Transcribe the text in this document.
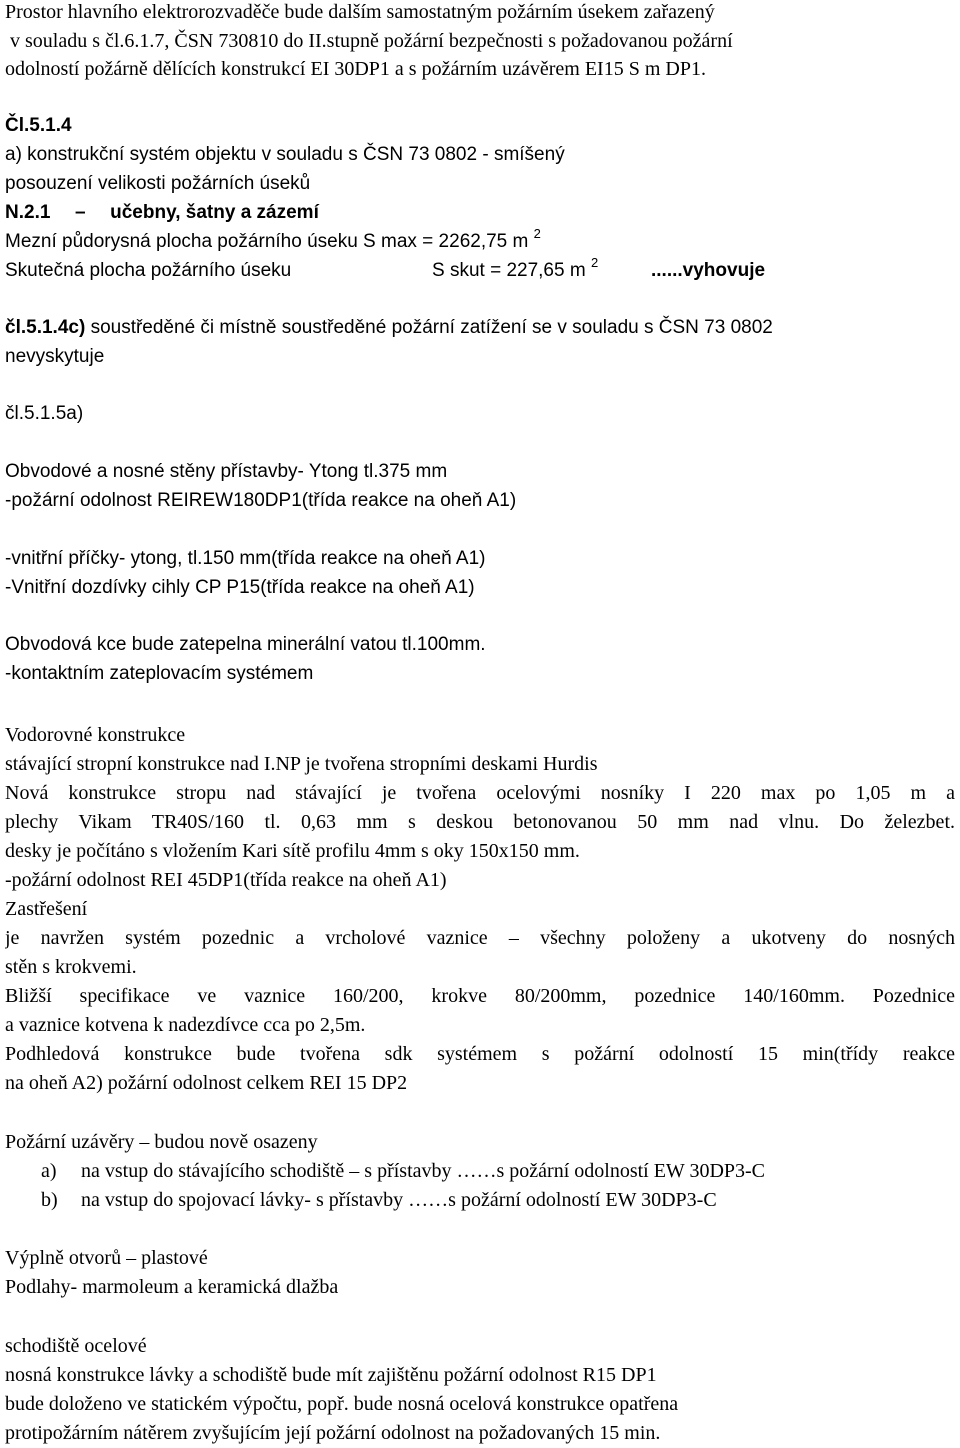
Prostor hlavního elektrorozvaděče bude dalším samostatným požárním úsekem zařazený

v souladu s čl.6.1.7, ČSN 730810 do II.stupně požární bezpečnosti s požadovanou požární

odolností požárně dělících konstrukcí EI 30DP1 a s požárním uzávěrem EI15 S m DP1.

Čl.5.1.4

a) konstrukční systém objektu v souladu s ČSN 73 0802 - smíšený

posouzení velikosti požárních úseků

N.2.1 – učebny, šatny a zázemí

Mezní půdorysná plocha požárního úseku S max = 2262,75 m $^2$

Skutečná plocha požárního úseku	S skut = 227,65 m $^2$	......vyhovuje

čl.5.1.4c) soustředěné či místně soustředěné požární zatížení se v souladu s ČSN 73 0802

nevyskytuje

čl.5.1.5a)

Obvodové a nosné stěny přístavby- Ytong tl.375 mm

-požární odolnost REIREW180DP1(třída reakce na oheň A1)

-vnitřní příčky- ytong, tl.150 mm(třída reakce na oheň A1)

-Vnitřní dozdívky cihly CP P15(třída reakce na oheň A1)

Obvodová kce bude zatepelna minerální vatou tl.100mm.

-kontaktním zateplovacím systémem

Vodorovné konstrukce

stávající stropní konstrukce nad I.NP je tvořena stropními deskami Hurdis

Nová konstrukce stropu nad stávající je tvořena ocelovými nosníky I 220 max po 1,05 m a

plechy Vikam TR40S/160 tl. 0,63 mm s deskou betonovanou 50 mm nad vlnu. Do železbet.

desky je počítáno s vložením Kari sítě profilu 4mm s oky 150x150 mm.

-požární odolnost REI 45DP1(třída reakce na oheň A1)

Zastřešení

je navržen systém pozednic a vrcholové vaznice – všechny položeny a ukotveny do nosných

stěn s krokvemi.

Bližší specifikace ve vaznice 160/200, krokve 80/200mm, pozednice 140/160mm. Pozednice

a vaznice kotvena k nadezdívce cca po 2,5m.

Podhledová konstrukce bude tvořena sdk systémem s požární odolností 15 min(třídy reakce

na oheň A2) požární odolnost celkem REI 15 DP2

Požární uzávěry – budou nově osazeny

a) na vstup do stávajícího schodiště – s přístavby ……s požární odolností EW 30DP3-C
b) na vstup do spojovací lávky- s přístavby ……s požární odolností EW 30DP3-C

Výplně otvorů – plastové

Podlahy- marmoleum a keramická dlažba

schodiště ocelové

nosná konstrukce lávky a schodiště bude mít zajištěnu požární odolnost R15 DP1

bude doloženo ve statickém výpočtu, popř. bude nosná ocelová konstrukce opatřena

protipožárním nátěrem zvyšujícím její požární odolnost na požadovaných 15 min.
